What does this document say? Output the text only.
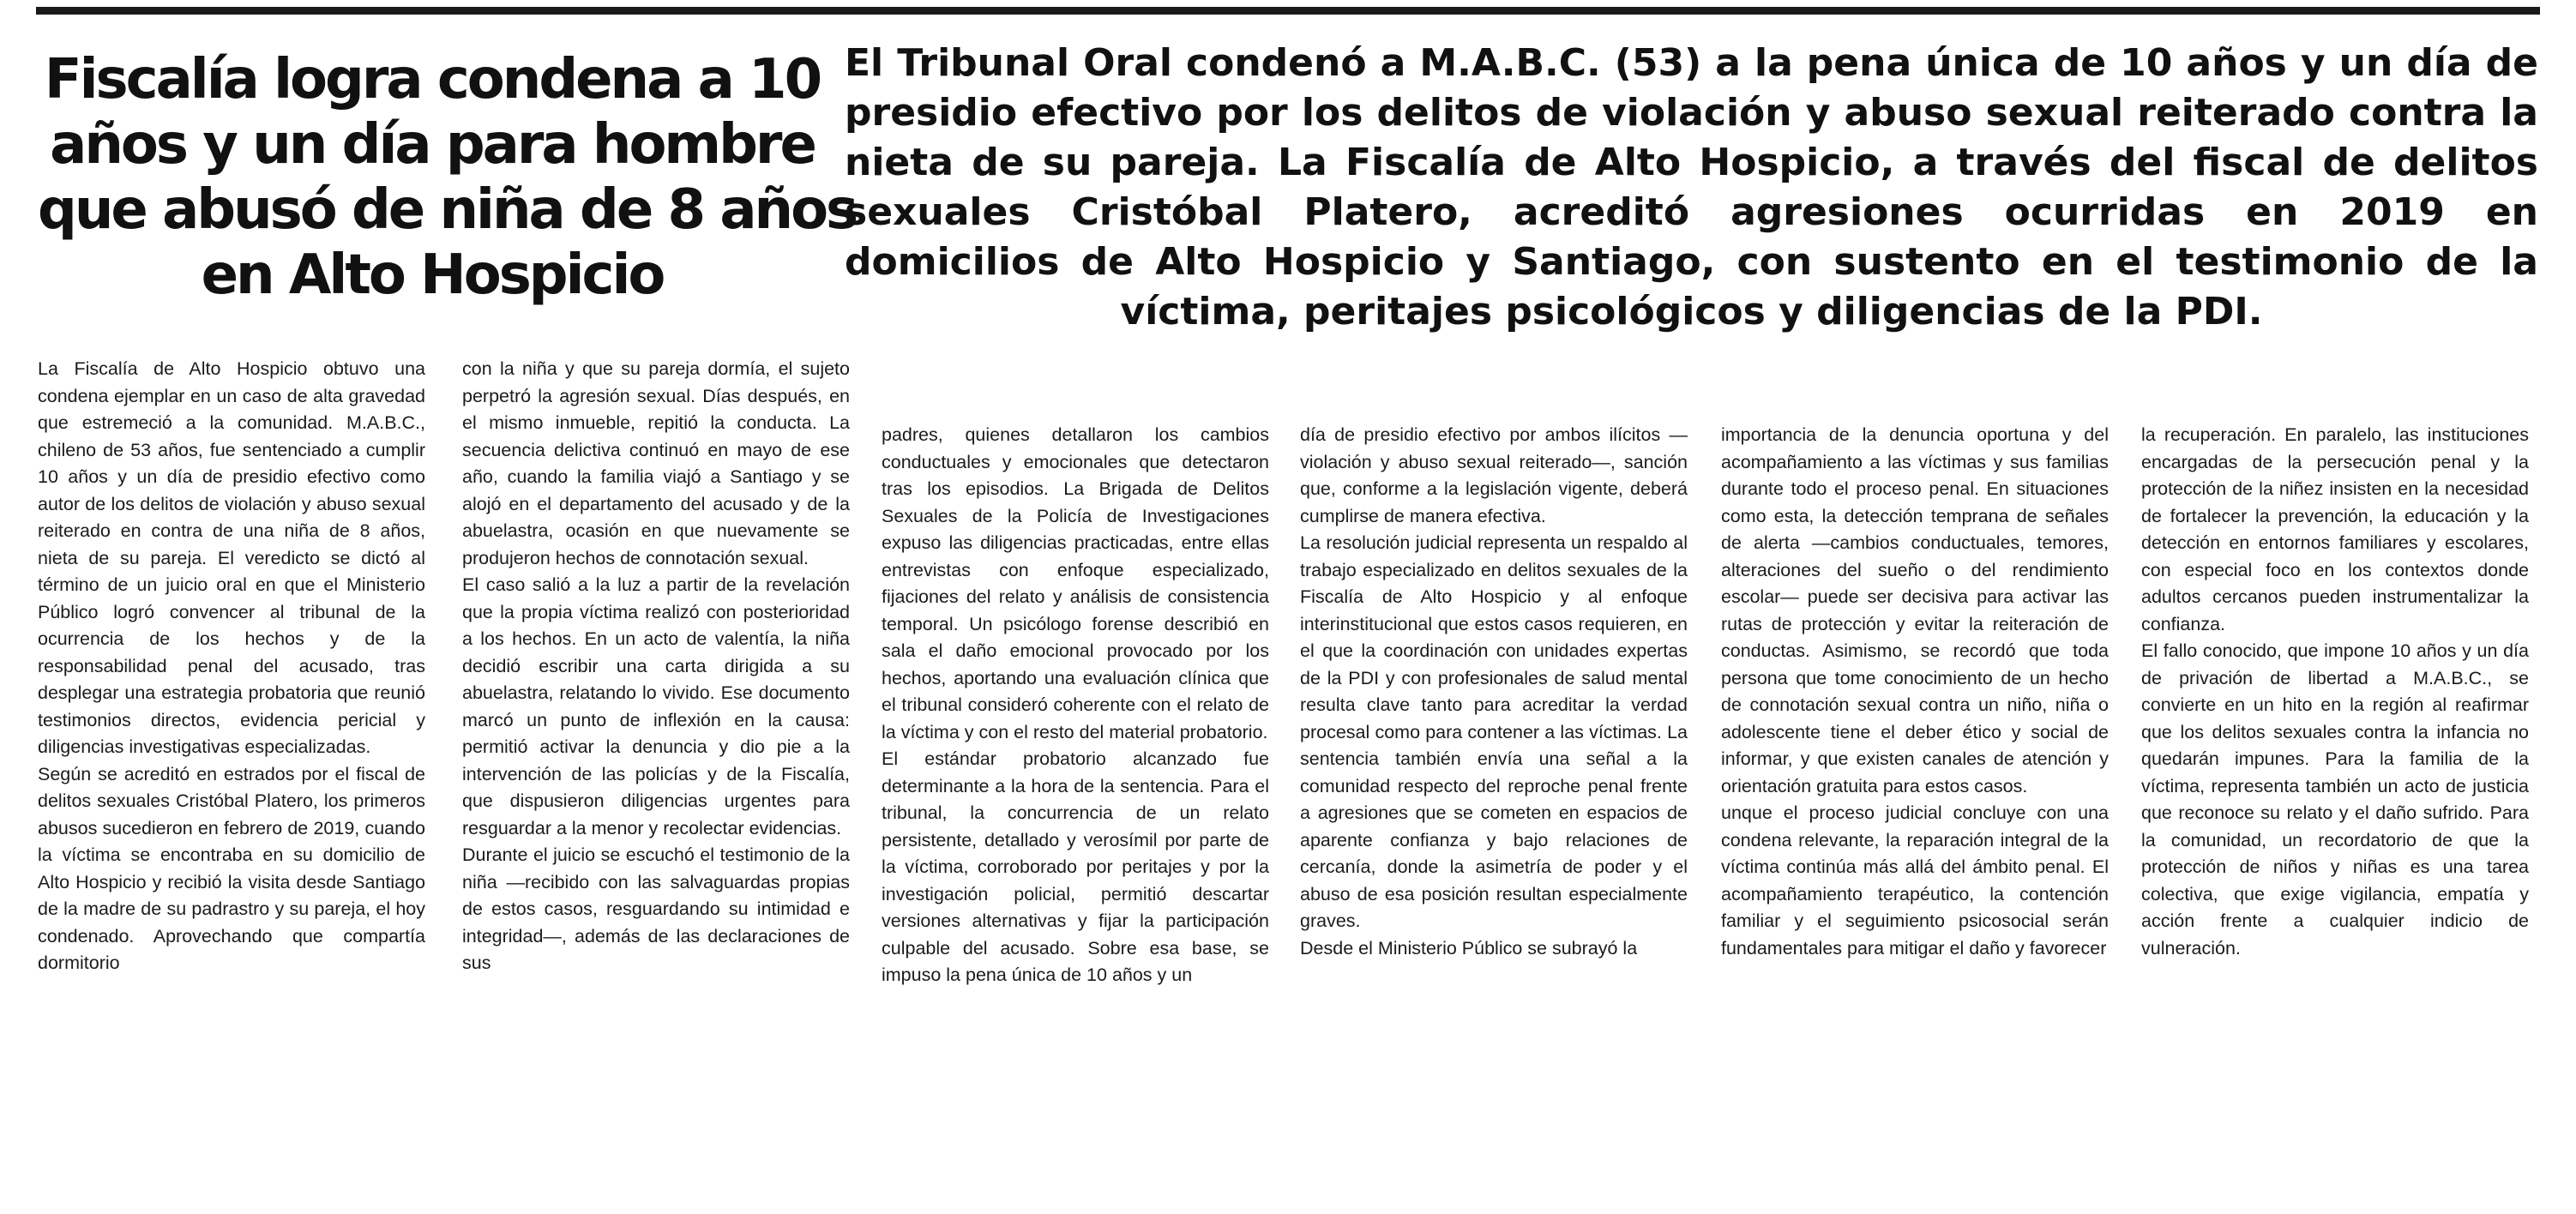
Fiscalía logra condena a 10
años y un día para hombre
que abusó de niña de 8 años
en Alto Hospicio

El Tribunal Oral condenó a M.A.B.C. (53) a la pena única de 10 años y un día de presidio efectivo por los delitos de violación y abuso sexual reiterado contra la nieta de su pareja. La Fiscalía de Alto Hospicio, a través del fiscal de delitos sexuales Cristóbal Platero, acreditó agresiones ocurridas en 2019 en domicilios de Alto Hospicio y Santiago, con sustento en el testimonio de la víctima, peritajes psicológicos y diligencias de la PDI.

La Fiscalía de Alto Hospicio obtuvo una condena ejemplar en un caso de alta gravedad que estremeció a la comunidad. M.A.B.C., chileno de 53 años, fue sentenciado a cumplir 10 años y un día de presidio efectivo como autor de los delitos de violación y abuso sexual reiterado en contra de una niña de 8 años, nieta de su pareja. El veredicto se dictó al término de un juicio oral en que el Ministerio Público logró convencer al tribunal de la ocurrencia de los hechos y de la responsabilidad penal del acusado, tras desplegar una estrategia probatoria que reunió testimonios directos, evidencia pericial y diligencias investigativas especializadas.

Según se acreditó en estrados por el fiscal de delitos sexuales Cristóbal Platero, los primeros abusos sucedieron en febrero de 2019, cuando la víctima se encontraba en su domicilio de Alto Hospicio y recibió la visita desde Santiago de la madre de su padrastro y su pareja, el hoy condenado. Aprovechando que compartía dormitorio

con la niña y que su pareja dormía, el sujeto perpetró la agresión sexual. Días después, en el mismo inmueble, repitió la conducta. La secuencia delictiva continuó en mayo de ese año, cuando la familia viajó a Santiago y se alojó en el departamento del acusado y de la abuelastra, ocasión en que nuevamente se produjeron hechos de connotación sexual.

El caso salió a la luz a partir de la revelación que la propia víctima realizó con posterioridad a los hechos. En un acto de valentía, la niña decidió escribir una carta dirigida a su abuelastra, relatando lo vivido. Ese documento marcó un punto de inflexión en la causa: permitió activar la denuncia y dio pie a la intervención de las policías y de la Fiscalía, que dispusieron diligencias urgentes para resguardar a la menor y recolectar evidencias.

Durante el juicio se escuchó el testimonio de la niña —recibido con las salvaguardas propias de estos casos, resguardando su intimidad e integridad—, además de las declaraciones de sus

padres, quienes detallaron los cambios conductuales y emocionales que detectaron tras los episodios. La Brigada de Delitos Sexuales de la Policía de Investigaciones expuso las diligencias practicadas, entre ellas entrevistas con enfoque especializado, fijaciones del relato y análisis de consistencia temporal. Un psicólogo forense describió en sala el daño emocional provocado por los hechos, aportando una evaluación clínica que el tribunal consideró coherente con el relato de la víctima y con el resto del material probatorio.

El estándar probatorio alcanzado fue determinante a la hora de la sentencia. Para el tribunal, la concurrencia de un relato persistente, detallado y verosímil por parte de la víctima, corroborado por peritajes y por la investigación policial, permitió descartar versiones alternativas y fijar la participación culpable del acusado. Sobre esa base, se impuso la pena única de 10 años y un

día de presidio efectivo por ambos ilícitos —violación y abuso sexual reiterado—, sanción que, conforme a la legislación vigente, deberá cumplirse de manera efectiva.

La resolución judicial representa un respaldo al trabajo especializado en delitos sexuales de la Fiscalía de Alto Hospicio y al enfoque interinstitucional que estos casos requieren, en el que la coordinación con unidades expertas de la PDI y con profesionales de salud mental resulta clave tanto para acreditar la verdad procesal como para contener a las víctimas. La sentencia también envía una señal a la comunidad respecto del reproche penal frente a agresiones que se cometen en espacios de aparente confianza y bajo relaciones de cercanía, donde la asimetría de poder y el abuso de esa posición resultan especialmente graves.

Desde el Ministerio Público se subrayó la

importancia de la denuncia oportuna y del acompañamiento a las víctimas y sus familias durante todo el proceso penal. En situaciones como esta, la detección temprana de señales de alerta —cambios conductuales, temores, alteraciones del sueño o del rendimiento escolar— puede ser decisiva para activar las rutas de protección y evitar la reiteración de conductas. Asimismo, se recordó que toda persona que tome conocimiento de un hecho de connotación sexual contra un niño, niña o adolescente tiene el deber ético y social de informar, y que existen canales de atención y orientación gratuita para estos casos.

unque el proceso judicial concluye con una condena relevante, la reparación integral de la víctima continúa más allá del ámbito penal. El acompañamiento terapéutico, la contención familiar y el seguimiento psicosocial serán fundamentales para mitigar el daño y favorecer

la recuperación. En paralelo, las instituciones encargadas de la persecución penal y la protección de la niñez insisten en la necesidad de fortalecer la prevención, la educación y la detección en entornos familiares y escolares, con especial foco en los contextos donde adultos cercanos pueden instrumentalizar la confianza.

El fallo conocido, que impone 10 años y un día de privación de libertad a M.A.B.C., se convierte en un hito en la región al reafirmar que los delitos sexuales contra la infancia no quedarán impunes. Para la familia de la víctima, representa también un acto de justicia que reconoce su relato y el daño sufrido. Para la comunidad, un recordatorio de que la protección de niños y niñas es una tarea colectiva, que exige vigilancia, empatía y acción frente a cualquier indicio de vulneración.
